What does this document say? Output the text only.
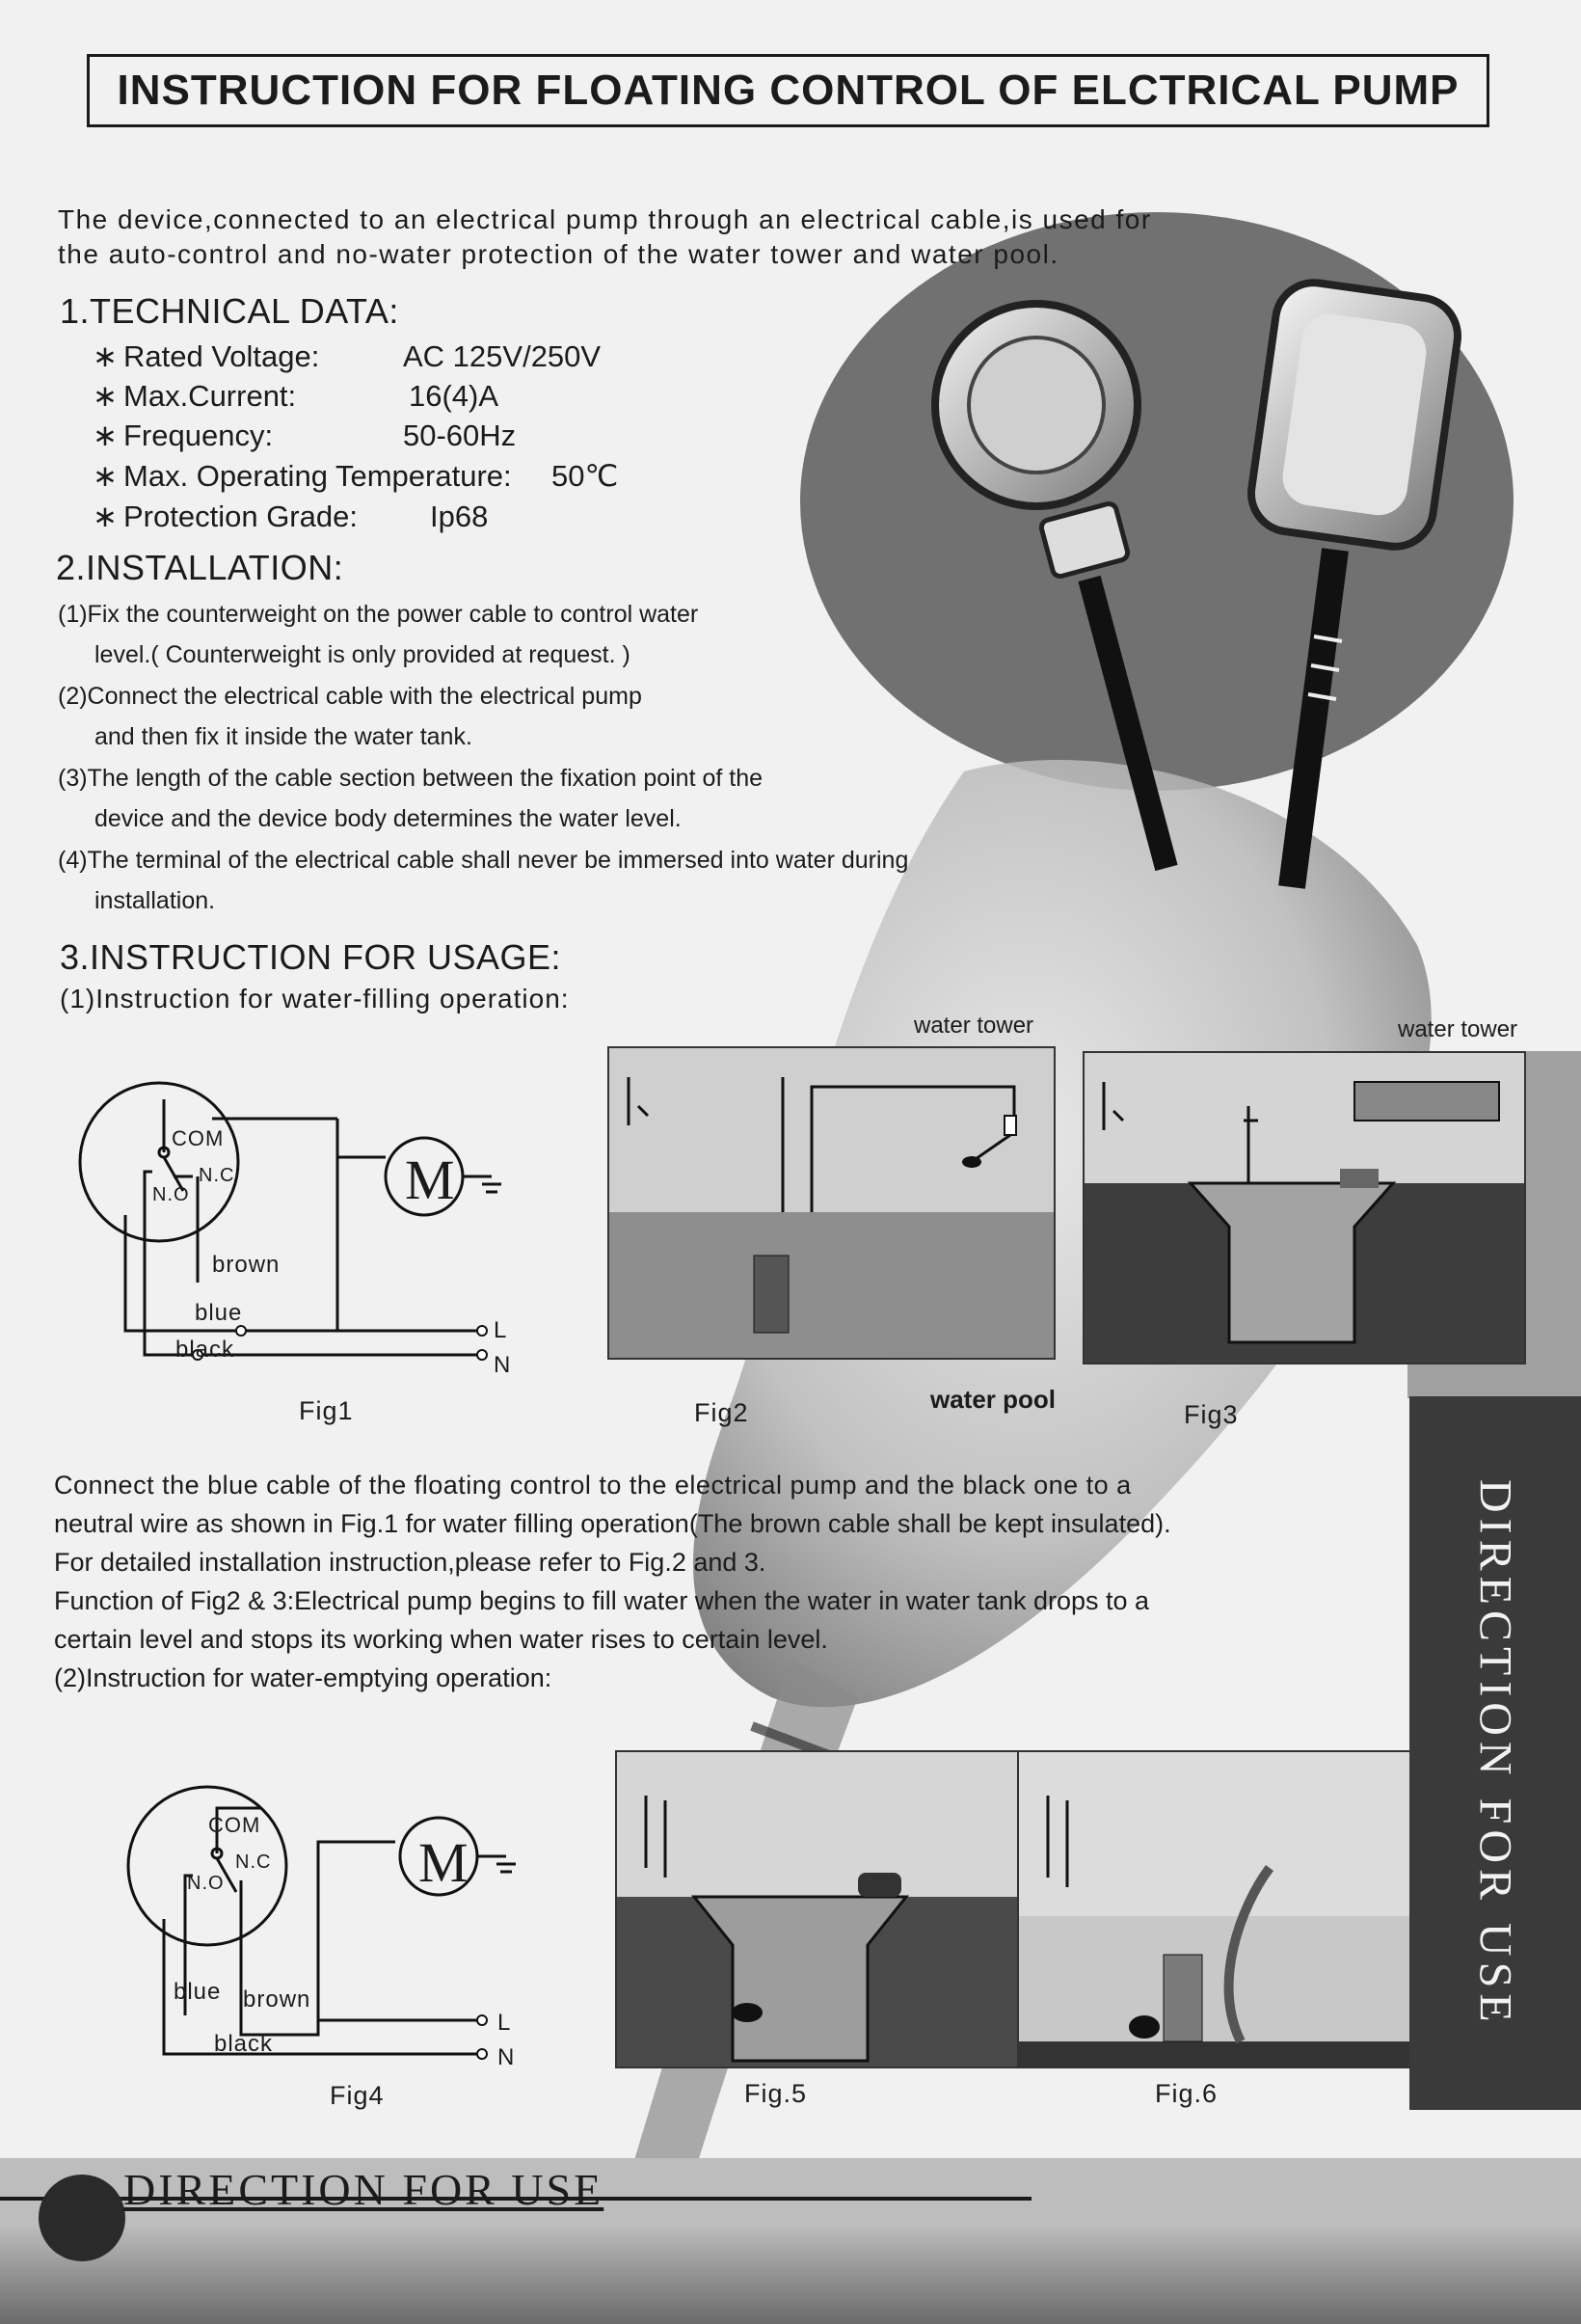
INSTRUCTION FOR FLOATING CONTROL OF ELCTRICAL PUMP
The device,connected to an electrical pump through an electrical cable,is used for
the auto-control and no-water protection of the water tower and water pool.
1.TECHNICAL DATA:
∗ Rated Voltage:	AC 125V/250V
∗ Max.Current:	16(4)A
∗ Frequency:	50-60Hz
∗ Max. Operating Temperature: 50℃
∗ Protection Grade: Ip68
2.INSTALLATION:
(1)Fix the counterweight on the power cable to control water
level.( Counterweight is only provided at request. )
(2)Connect the electrical cable with the electrical pump
and then fix it inside the water tank.
(3)The length of the cable section between the fixation point of the
device and the device body determines the water level.
(4)The terminal of the electrical cable shall never be immersed into water during
installation.
3.INSTRUCTION FOR USAGE:
(1)Instruction for water-filling operation:
COM
N.C
N.O	M
brown
blue
black
L
N
Fig1
water tower
water pool
Fig2
water tower
Fig3
Connect the blue cable of the floating control to the electrical pump and the black one to a
neutral wire as shown in Fig.1 for water filling operation(The brown cable shall be kept insulated).
For detailed installation instruction,please refer to Fig.2 and 3.
Function of Fig2 & 3:Electrical pump begins to fill water when the water in water tank drops to a
certain level and stops its working when water rises to certain level.
(2)Instruction for water-emptying operation:
COM
N.C
N.O	M
blue brown
black
L
N
Fig4	Fig.5	Fig.6
DIRECTION FOR USE
DIRECTION FOR USE
